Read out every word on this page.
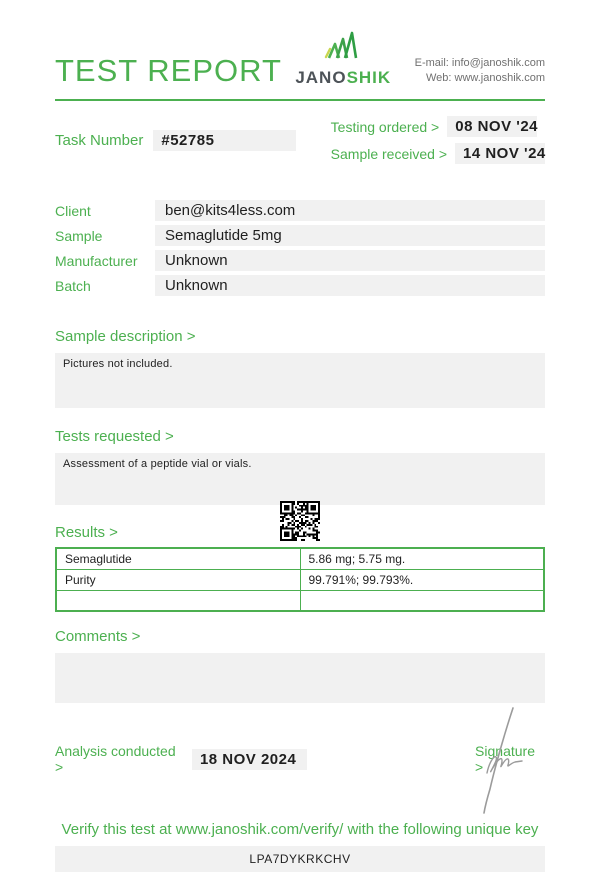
TEST REPORT JANOSHIK
E-mail: info@janoshik.com
Web: www.janoshik.com
Task Number	#52785
Testing ordered >	08 NOV '24
Sample received >	14 NOV '24
Client	ben@kits4less.com
Sample	Semaglutide 5mg
Manufacturer	Unknown
Batch	Unknown
Sample description >
Pictures not included.
Tests requested >
Assessment of a peptide vial or vials.
Results >
Semaglutide	5.86 mg; 5.75 mg.
Purity	99.791%; 99.793%.

Comments >
Analysis conducted >	18 NOV 2024	Signature >
Verify this test at www.janoshik.com/verify/ with the following unique key
LPA7DYKRKCHV
